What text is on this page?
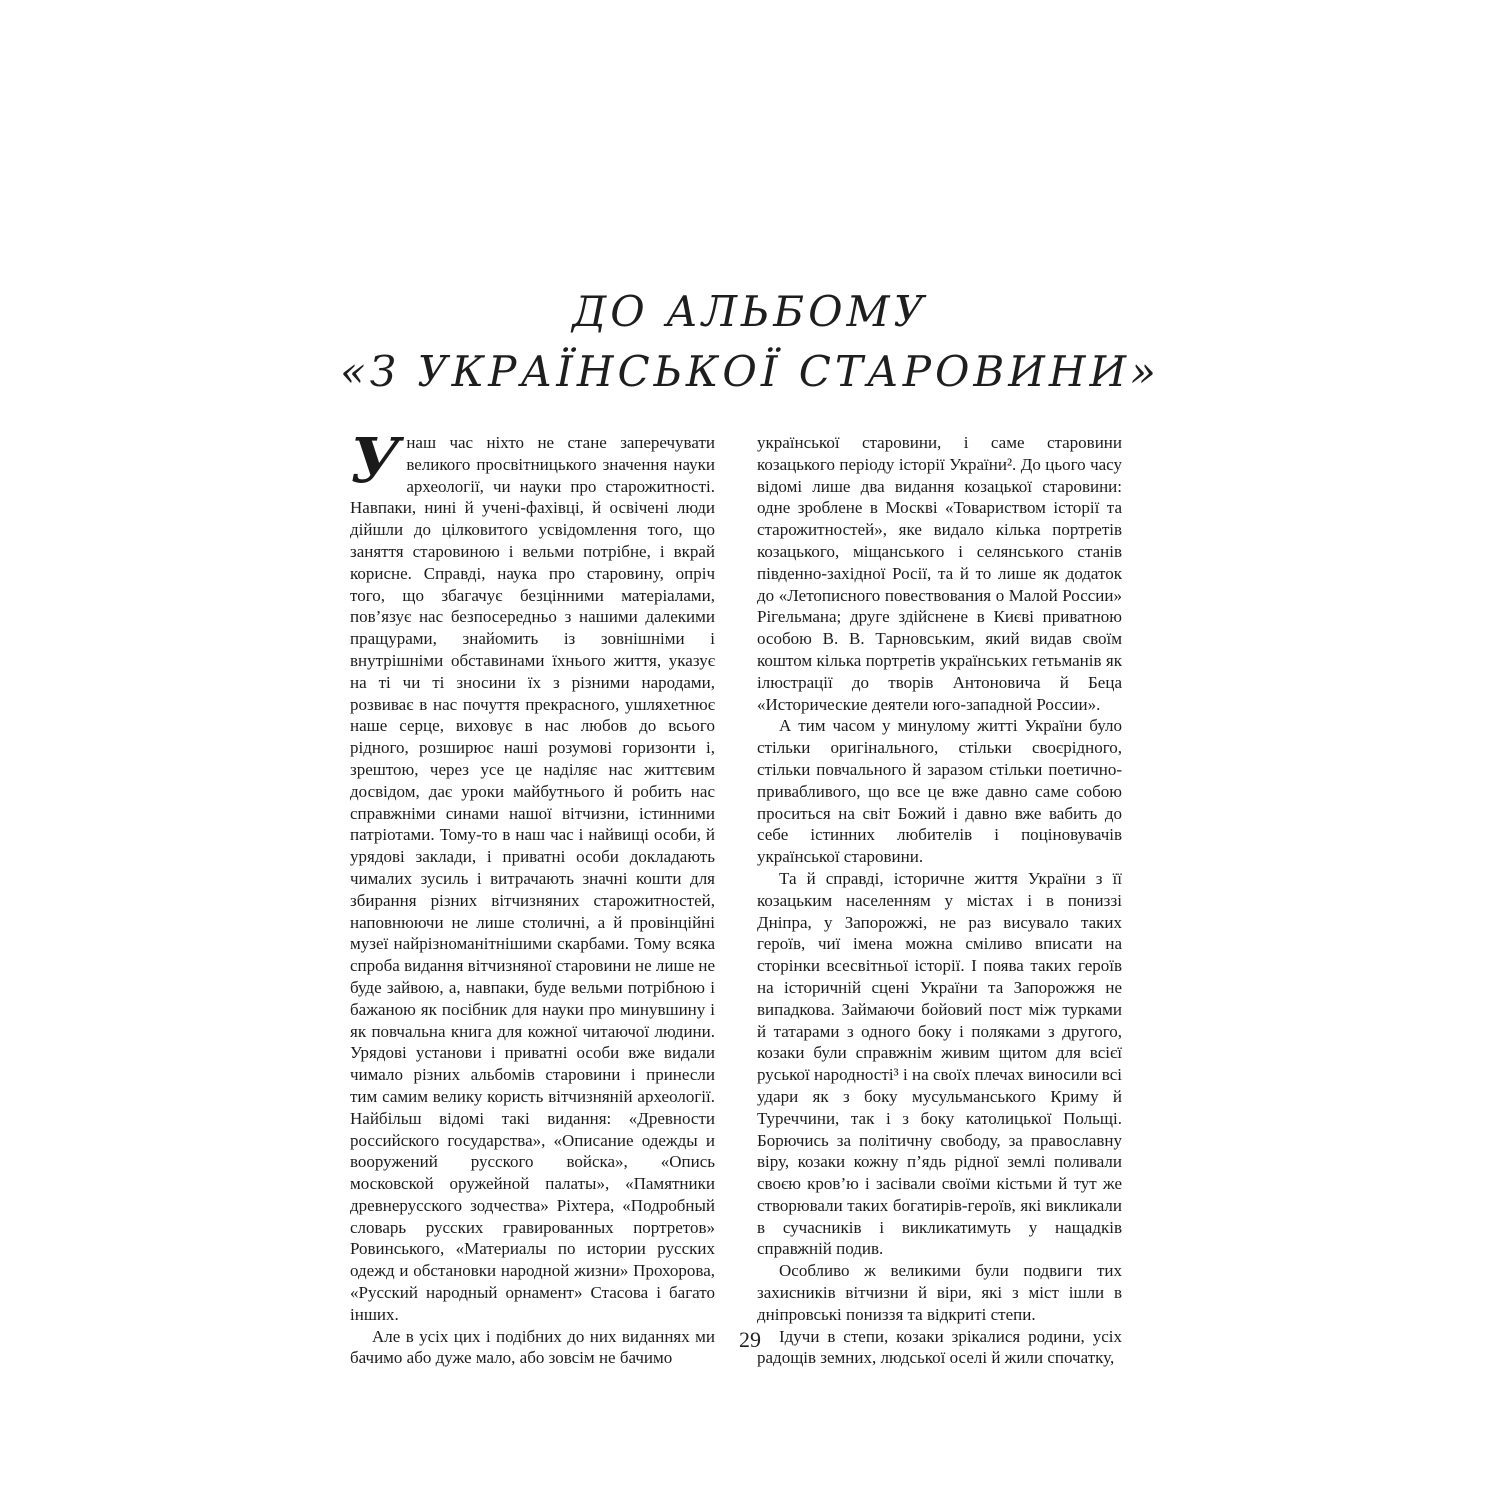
ДО АЛЬБОМУ
«З УКРАЇНСЬКОЇ СТАРОВИНИ»

Унаш час ніхто не стане заперечувати великого просвітницького значення науки археології, чи науки про старожитності. Навпаки, нині й учені-фахівці, й освічені люди дійшли до цілковитого усвідомлення того, що заняття старовиною і вельми потрібне, і вкрай корисне. Справді, наука про старовину, опріч того, що збагачує безцінними матеріалами, пов’язує нас безпосередньо з нашими далекими пращурами, знайомить із зовнішніми і внутрішніми обставинами їхнього життя, указує на ті чи ті зносини їх з різними народами, розвиває в нас почуття прекрасного, ушляхетнює наше серце, виховує в нас любов до всього рідного, розширює наші розумові горизонти і, зрештою, через усе це наділяє нас життєвим досвідом, дає уроки майбутнього й робить нас справжніми синами нашої вітчизни, істинними патріотами. Тому-то в наш час і найвищі особи, й урядові заклади, і приватні особи докладають чималих зусиль і витрачають значні кошти для збирання різних вітчизняних старожитностей, наповнюючи не лише столичні, а й провінційні музеї найрізноманітнішими скарбами. Тому всяка спроба видання вітчизняної старовини не лише не буде зайвою, а, навпаки, буде вельми потрібною і бажаною як посібник для науки про минувшину і як повчальна книга для кожної читаючої людини. Урядові установи і приватні особи вже видали чимало різних альбомів старовини і принесли тим самим велику користь вітчизняній археології. Найбільш відомі такі видання: «Древности российского государства», «Описание одежды и вооружений русского войска», «Опись московской оружейной палаты», «Памятники древнерусского зодчества» Ріхтера, «Подробный словарь русских гравированных портретов» Ровинського, «Материалы по истории русских одежд и обстановки народной жизни» Прохорова, «Русский народный орнамент» Стасова і багато інших.

Але в усіх цих і подібних до них виданнях ми бачимо або дуже мало, або зовсім не бачимо

української старовини, і саме старовини козацького періоду історії України². До цього часу відомі лише два видання козацької старовини: одне зроблене в Москві «Товариством історії та старожитностей», яке видало кілька портретів козацького, міщанського і селянського станів південно-західної Росії, та й то лише як додаток до «Летописного повествования о Малой России» Рігельмана; друге здійснене в Києві приватною особою В. В. Тарновським, який видав своїм коштом кілька портретів українських гетьманів як ілюстрації до творів Антоновича й Беца «Исторические деятели юго-западной России».

А тим часом у минулому житті України було стільки оригінального, стільки своєрідного, стільки повчального й заразом стільки поетично-привабливого, що все це вже давно саме собою проситься на світ Божий і давно вже вабить до себе істинних любителів і поціновувачів української старовини.

Та й справді, історичне життя України з її козацьким населенням у містах і в пониззі Дніпра, у Запорожжі, не раз висувало таких героїв, чиї імена можна сміливо вписати на сторінки всесвітньої історії. І поява таких героїв на історичній сцені України та Запорожжя не випадкова. Займаючи бойовий пост між турками й татарами з одного боку і поляками з другого, козаки були справжнім живим щитом для всієї руської народності³ і на своїх плечах виносили всі удари як з боку мусульманського Криму й Туреччини, так і з боку католицької Польщі. Борючись за політичну свободу, за православну віру, козаки кожну п’ядь рідної землі поливали своєю кров’ю і засівали своїми кістьми й тут же створювали таких богатирів-героїв, які викликали в сучасників і викликатимуть у нащадків справжній подив.

Особливо ж великими були подвиги тих захисників вітчизни й віри, які з міст ішли в дніпровські пониззя та відкриті степи.

Ідучи в степи, козаки зрікалися родини, усіх радощів земних, людської оселі й жили спочатку,

29
